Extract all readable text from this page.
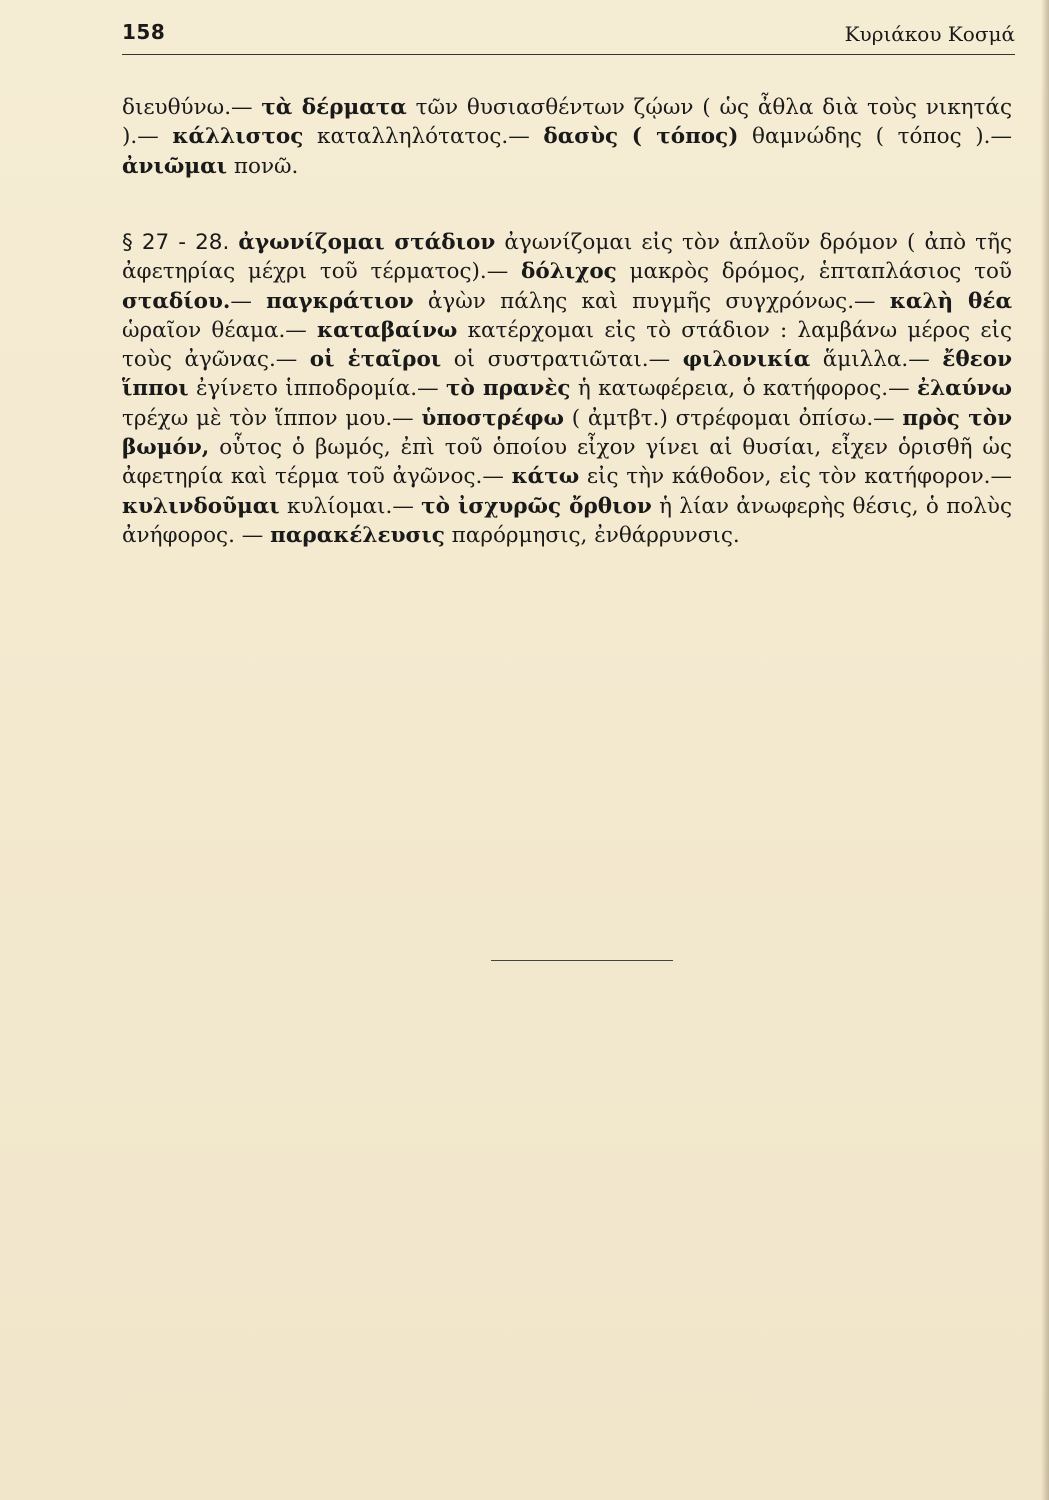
158	Κυριάκου Κοσμά

διευθύνω.— τὰ δέρματα τῶν θυσιασθέντων ζῴων ( ὡς ἆθλα διὰ τοὺς νικητάς ).— κάλλιστος καταλληλότατος.— δασὺς ( τόπος) θαμνώδης ( τόπος ).— ἀνιῶμαι πονῶ.

§ 27 - 28. ἀγωνίζομαι στάδιον ἀγωνίζομαι εἰς τὸν ἁπλοῦν δρόμον ( ἀπὸ τῆς ἀφετηρίας μέχρι τοῦ τέρματος).— δόλιχος μακρὸς δρόμος, ἑπταπλάσιος τοῦ σταδίου.— παγκράτιον ἀγὼν πάλης καὶ πυγμῆς συγχρόνως.— καλὴ θέα ὡραῖον θέαμα.— καταβαίνω κατέρχομαι εἰς τὸ στάδιον : λαμβάνω μέρος εἰς τοὺς ἀγῶνας.— οἱ ἑταῖροι οἱ συστρατιῶται.— φιλονικία ἅμιλλα.— ἔθεον ἵπποι ἐγίνετο ἱπποδρομία.— τὸ πρανὲς ἡ κατωφέρεια, ὁ κατήφορος.— ἐλαύνω τρέχω μὲ τὸν ἵππον μου.— ὑποστρέφω ( ἀμτβτ.) στρέφομαι ὀπίσω.— πρὸς τὸν βωμόν, οὗτος ὁ βωμός, ἐπὶ τοῦ ὁποίου εἶχον γίνει αἱ θυσίαι, εἶχεν ὁρισθῆ ὡς ἀφετηρία καὶ τέρμα τοῦ ἀγῶνος.— κάτω εἰς τὴν κάθοδον, εἰς τὸν κατήφορον.— κυλινδοῦμαι κυλίομαι.— τὸ ἰσχυρῶς ὄρθιον ἡ λίαν ἀνωφερὴς θέσις, ὁ πολὺς ἀνήφορος. — παρακέλευσις παρόρμησις, ἐνθάρρυνσις.
